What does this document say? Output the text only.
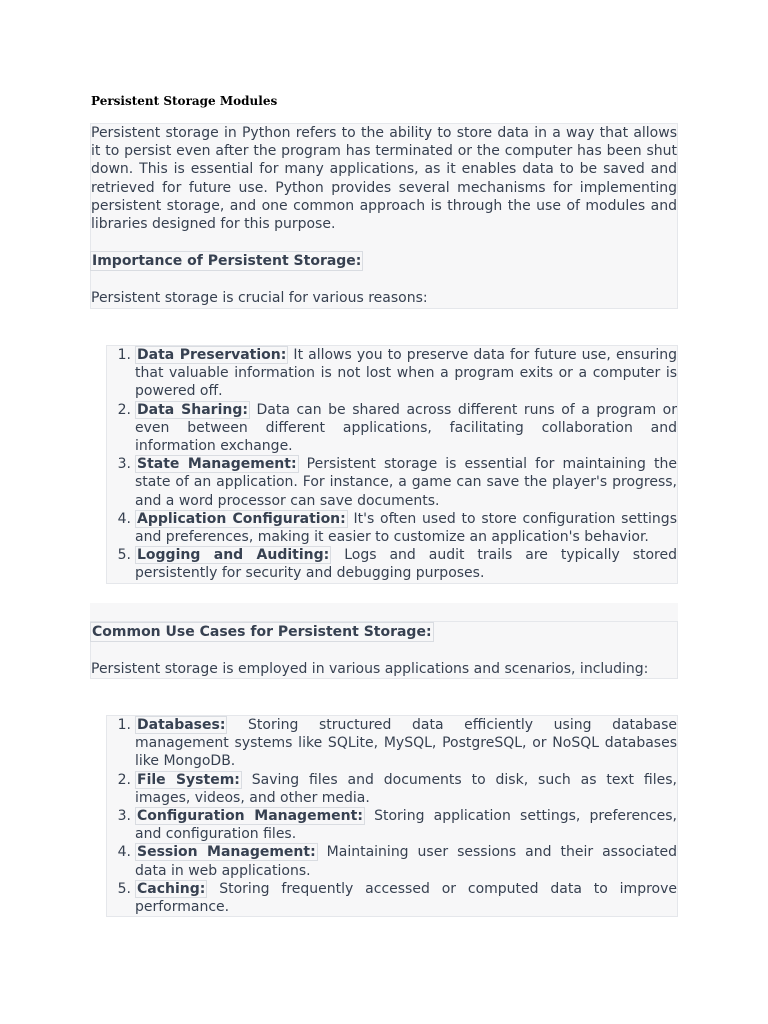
Persistent Storage Modules

Persistent storage in Python refers to the ability to store data in a way that allows it to persist even after the program has terminated or the computer has been shut down. This is essential for many applications, as it enables data to be saved and retrieved for future use. Python provides several mechanisms for implementing persistent storage, and one common approach is through the use of modules and libraries designed for this purpose.

Importance of Persistent Storage:

Persistent storage is crucial for various reasons:

1. Data Preservation: It allows you to preserve data for future use, ensuring that valuable information is not lost when a program exits or a computer is powered off.
2. Data Sharing: Data can be shared across different runs of a program or even between different applications, facilitating collaboration and information exchange.
3. State Management: Persistent storage is essential for maintaining the state of an application. For instance, a game can save the player's progress, and a word processor can save documents.
4. Application Configuration: It's often used to store configuration settings and preferences, making it easier to customize an application's behavior.
5. Logging and Auditing: Logs and audit trails are typically stored persistently for security and debugging purposes.

Common Use Cases for Persistent Storage:

Persistent storage is employed in various applications and scenarios, including:

1. Databases: Storing structured data efficiently using database management systems like SQLite, MySQL, PostgreSQL, or NoSQL databases like MongoDB.
2. File System: Saving files and documents to disk, such as text files, images, videos, and other media.
3. Configuration Management: Storing application settings, preferences, and configuration files.
4. Session Management: Maintaining user sessions and their associated data in web applications.
5. Caching: Storing frequently accessed or computed data to improve performance.
